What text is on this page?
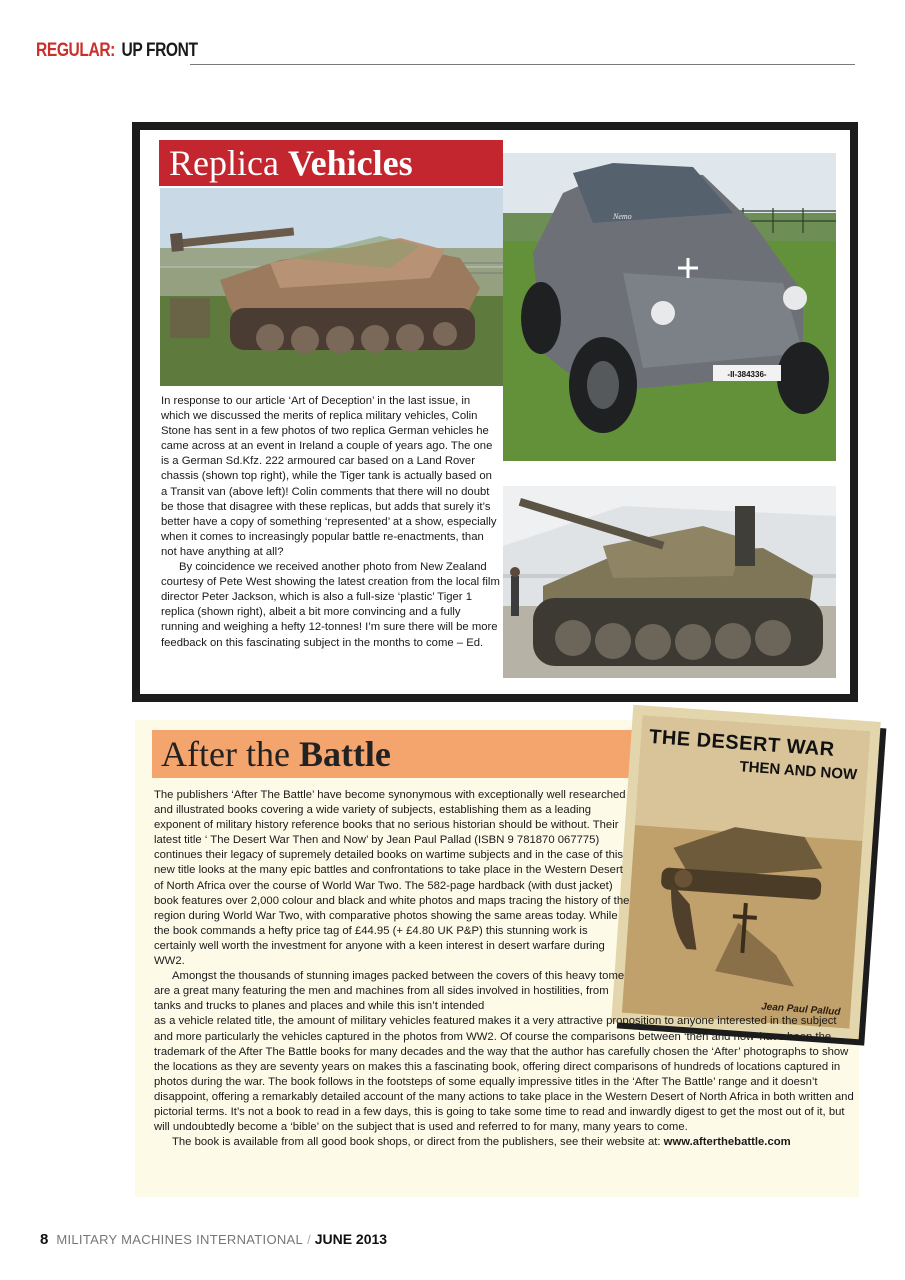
REGULAR: UP FRONT
Replica Vehicles
-II-384336-
Nemo

In response to our article ‘Art of Deception’ in the last issue, in which we discussed the merits of replica military vehicles, Colin Stone has sent in a few photos of two replica German vehicles he came across at an event in Ireland a couple of years ago. The one is a German Sd.Kfz. 222 armoured car based on a Land Rover chassis (shown top right), while the Tiger tank is actually based on a Transit van (above left)! Colin comments that there will no doubt be those that disagree with these replicas, but adds that surely it’s better have a copy of something ‘represented’ at a show, especially when it comes to increasingly popular battle re-enactments, than not have anything at all?

By coincidence we received another photo from New Zealand courtesy of Pete West showing the latest creation from the local film director Peter Jackson, which is also a full-size ‘plastic’ Tiger 1 replica (shown right), albeit a bit more convincing and a fully running and weighing a hefty 12-tonnes! I’m sure there will be more feedback on this fascinating subject in the months to come – Ed.

After the Battle	THE DESERT WAR
THEN AND NOW
Jean Paul Pallud

The publishers ‘After The Battle’ have become synonymous with exceptionally well researched and illustrated books covering a wide variety of subjects, establishing them as a leading exponent of military history reference books that no serious historian should be without. Their latest title ‘ The Desert War Then and Now’ by Jean Paul Pallad (ISBN 9 781870 067775) continues their legacy of supremely detailed books on wartime subjects and in the case of this new title looks at the many epic battles and confrontations to take place in the Western Desert of North Africa over the course of World War Two. The 582-page hardback (with dust jacket) book features over 2,000 colour and black and white photos and maps tracing the history of the region during World War Two, with comparative photos showing the same areas today. While the book commands a hefty price tag of £44.95 (+ £4.80 UK P&P) this stunning work is certainly well worth the investment for anyone with a keen interest in desert warfare during WW2.

Amongst the thousands of stunning images packed between the covers of this heavy tome are a great many featuring the men and machines from all sides involved in hostilities, from tanks and trucks to planes and places and while this isn’t intended

as a vehicle related title, the amount of military vehicles featured makes it a very attractive proposition to anyone interested in the subject and more particularly the vehicles captured in the photos from WW2. Of course the comparisons between ‘then and now’ have been the trademark of the After The Battle books for many decades and the way that the author has carefully chosen the ‘After’ photographs to show the locations as they are seventy years on makes this a fascinating book, offering direct comparisons of hundreds of locations captured in photos during the war. The book follows in the footsteps of some equally impressive titles in the ‘After The Battle’ range and it doesn’t disappoint, offering a remarkably detailed account of the many actions to take place in the Western Desert of North Africa in both written and pictorial terms. It’s not a book to read in a few days, this is going to take some time to read and inwardly digest to get the most out of it, but will undoubtedly become a ‘bible’ on the subject that is used and referred to for many, many years to come.

The book is available from all good book shops, or direct from the publishers, see their website at: www.afterthebattle.com

8 MILITARY MACHINES INTERNATIONAL / JUNE 2013
